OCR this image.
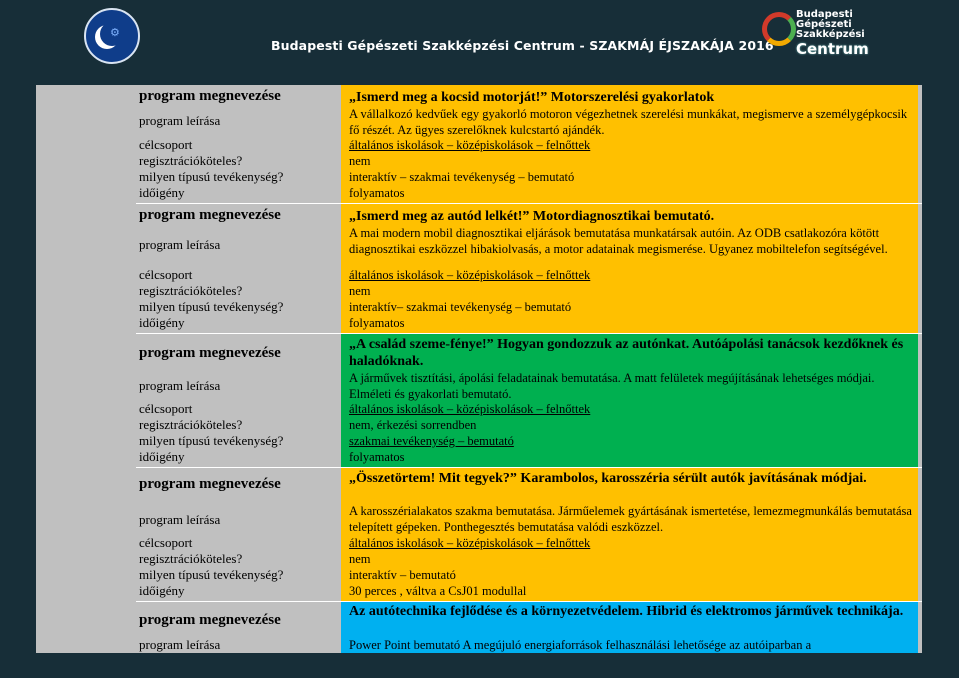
⚙
Budapesti Gépészeti Szakképzési Centrum - SZAKMÁJ ÉJSZAKÁJA 2016
Budapesti
Gépészeti
Szakképzési
Centrum
program megnevezése
program leírása
célcsoport
regisztrációköteles?
milyen típusú tevékenység?
időigény
„Ismerd meg a kocsid motorját!” Motorszerelési gyakorlatok
A vállalkozó kedvűek egy gyakorló motoron végezhetnek szerelési munkákat, megismerve a személygépkocsik fő részét. Az ügyes szerelőknek kulcstartó ajándék.
általános iskolások – középiskolások – felnőttek
nem
interaktív – szakmai tevékenység – bemutató
folyamatos
program megnevezése
program leírása
célcsoport
regisztrációköteles?
milyen típusú tevékenység?
időigény
„Ismerd meg az autód lelkét!” Motordiagnosztikai bemutató.
A mai modern mobil diagnosztikai eljárások bemutatása munkatársak autóin. Az ODB csatlakozóra kötött diagnosztikai eszközzel hibakiolvasás, a motor adatainak megismerése. Ugyanez mobiltelefon segítségével.
általános iskolások – középiskolások – felnőttek
nem
interaktív– szakmai tevékenység – bemutató
folyamatos
program megnevezése
program leírása
célcsoport
regisztrációköteles?
milyen típusú tevékenység?
időigény
„A család szeme-fénye!” Hogyan gondozzuk az autónkat. Autóápolási tanácsok kezdőknek és haladóknak.
A járművek tisztítási, ápolási feladatainak bemutatása. A matt felületek megújításának lehetséges módjai. Elméleti és gyakorlati bemutató.
általános iskolások – középiskolások – felnőttek
nem, érkezési sorrendben
szakmai tevékenység – bemutató
folyamatos
program megnevezése
program leírása
célcsoport
regisztrációköteles?
milyen típusú tevékenység?
időigény
„Összetörtem! Mit tegyek?” Karambolos, karosszéria sérült autók javításának módjai.
A karosszérialakatos szakma bemutatása. Járműelemek gyártásának ismertetése, lemezmegmunkálás bemutatása telepített gépeken. Ponthegesztés bemutatása valódi eszközzel.
általános iskolások – középiskolások – felnőttek
nem
interaktív – bemutató
30 perces , váltva a CsJ01 modullal
program megnevezése
program leírása
Az autótechnika fejlődése és a környezetvédelem. Hibrid és elektromos járművek technikája.
Power Point bemutató A megújuló energiaforrások felhasználási lehetősége az autóiparban a
